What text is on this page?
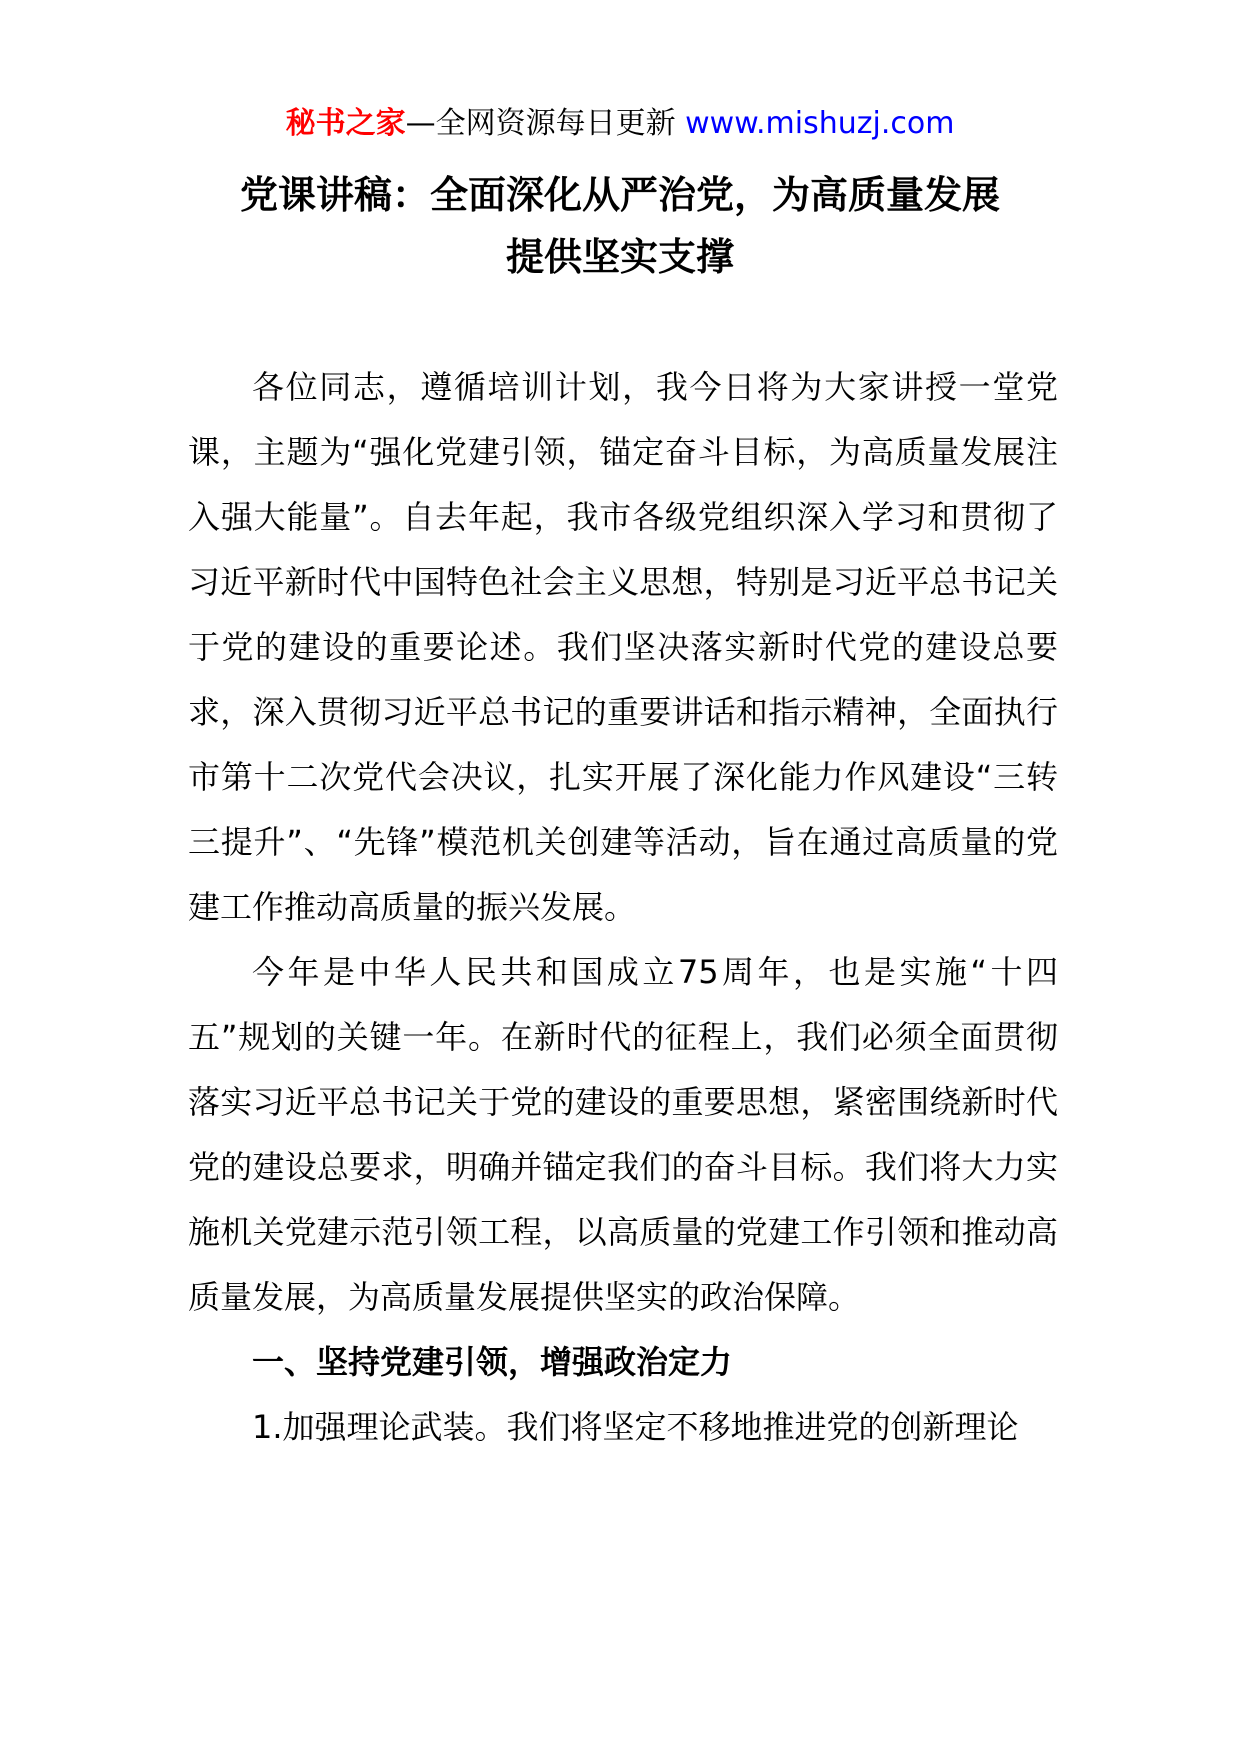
秘书之家—全网资源每日更新 www.mishuzj.com
党课讲稿：全面深化从严治党，为高质量发展
提供坚实支撑

各位同志，遵循培训计划，我今日将为大家讲授一堂党课，主题为“强化党建引领，锚定奋斗目标，为高质量发展注入强大能量”。自去年起，我市各级党组织深入学习和贯彻了习近平新时代中国特色社会主义思想，特别是习近平总书记关于党的建设的重要论述。我们坚决落实新时代党的建设总要求，深入贯彻习近平总书记的重要讲话和指示精神，全面执行市第十二次党代会决议，扎实开展了深化能力作风建设“三转三提升”、“先锋”模范机关创建等活动，旨在通过高质量的党建工作推动高质量的振兴发展。

今年是中华人民共和国成立75周年，也是实施“十四五”规划的关键一年。在新时代的征程上，我们必须全面贯彻落实习近平总书记关于党的建设的重要思想，紧密围绕新时代党的建设总要求，明确并锚定我们的奋斗目标。我们将大力实施机关党建示范引领工程，以高质量的党建工作引领和推动高质量发展，为高质量发展提供坚实的政治保障。

一、坚持党建引领，增强政治定力

1.加强理论武装。我们将坚定不移地推进党的创新理论
